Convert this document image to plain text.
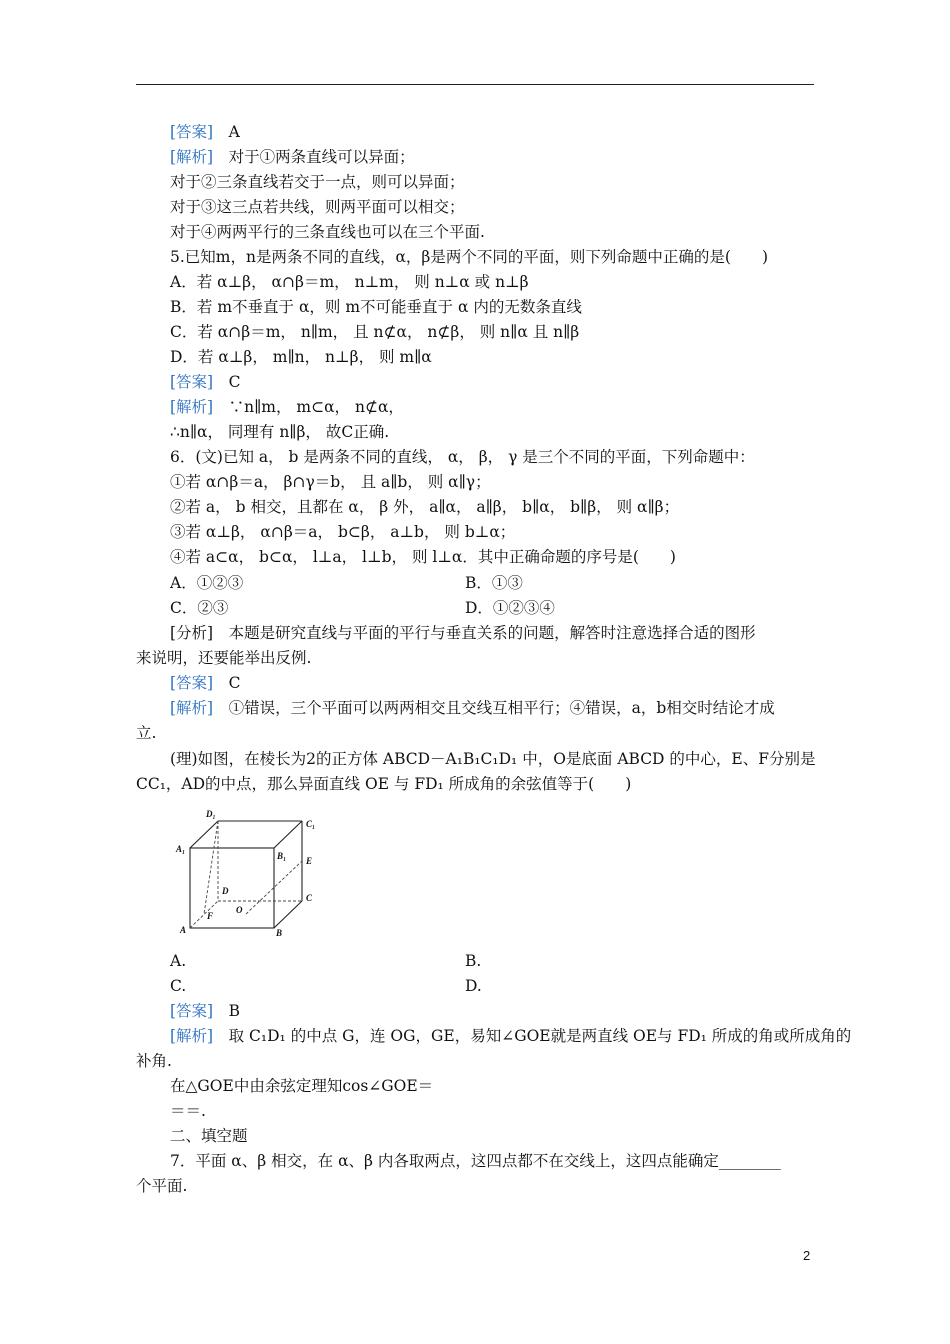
[答案]　 A
[解析]　 对于①两条直线可以异面；
对于②三条直线若交于一点，则可以异面；
对于③这三点若共线，则两平面可以相交；
对于④两两平行的三条直线也可以在三个平面.
5.已知m，n是两条不同的直线，α，β是两个不同的平面，则下列命题中正确的是(　　)
A．若 α⊥β， α∩β＝m， n⊥m， 则 n⊥α 或 n⊥β
B．若 m不垂直于 α，则 m不可能垂直于 α 内的无数条直线
C．若 α∩β＝m， n∥m， 且 n⊄α， n⊄β， 则 n∥α 且 n∥β
D．若 α⊥β， m∥n， n⊥β， 则 m∥α
[答案]　 C
[解析]　 ∵n∥m， m⊂α， n⊄α，
∴n∥α， 同理有 n∥β， 故C正确.
6．(文)已知 a， b 是两条不同的直线， α， β， γ 是三个不同的平面，下列命题中：
①若 α∩β＝a， β∩γ＝b， 且 a∥b， 则 α∥γ；
②若 a， b 相交，且都在 α， β 外， a∥α， a∥β， b∥α， b∥β， 则 α∥β；
③若 α⊥β， α∩β＝a， b⊂β， a⊥b， 则 b⊥α；
④若 a⊂α， b⊂α， l⊥a， l⊥b， 则 l⊥α．其中正确命题的序号是(　　)
A．①②③	B．①③
C．②③	D．①②③④
[分析]　 本题是研究直线与平面的平行与垂直关系的问题，解答时注意选择合适的图形
来说明，还要能举出反例.
[答案]　 C
[解析]　 ①错误，三个平面可以两两相交且交线互相平行；④错误，a，b相交时结论才成
立.
(理)如图，在棱长为2的正方体 ABCD－A₁B₁C₁D₁ 中，O是底面 ABCD 的中心，E、F分别是
CC₁，AD的中点，那么异面直线 OE 与 FD₁ 所成角的余弦值等于(　　)
D₁
C₁
A₁
B₁ E
D
C
F
O
A	B
A.	B.
C.	D.
[答案]　 B
[解析]　 取 C₁D₁ 的中点 G，连 OG，GE，易知∠GOE就是两直线 OE与 FD₁ 所成的角或所成角的
补角.
在△GOE中由余弦定理知cos∠GOE＝
＝＝.
二、填空题
7．平面 α、β 相交，在 α、β 内各取两点，这四点都不在交线上，这四点能确定________
个平面.
2
